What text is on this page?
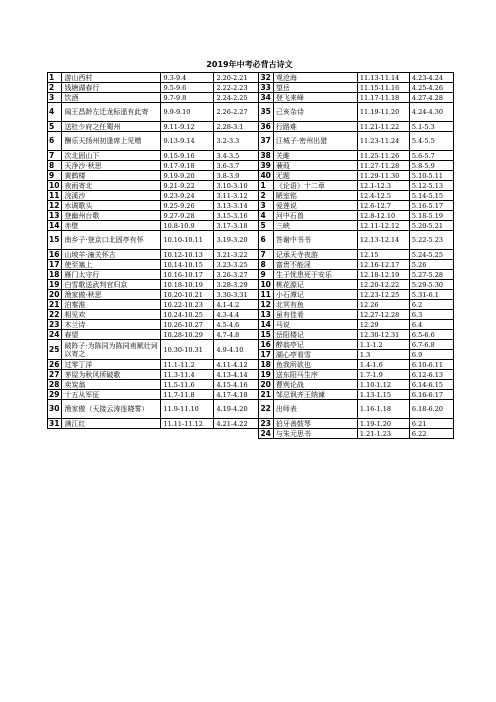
2019年中考必背古诗文
1	游山西村	9.3-9.4	2.20-2.21	32	观沧海	11.13-11.14	4.23-4.24
2	钱塘湖春行	9.5-9.6	2.22-2.23	33	望岳	11.15-11.16	4.25-4.26
3	饮酒	9.7-9.8	2.24-2.25	34	登飞来峰	11.17-11.18	4.27-4.28
4	闻王昌龄左迁龙标遥有此寄	9.9-9.10	2.26-2.27	35	己亥杂诗	11.19-11.20	4.24-4.30
5	送杜少府之任蜀州	9.11-9.12	2.28-3.1	36	行路难	11.21-11.22	5.1-5.3
6	酬乐天扬州初逢席上见赠	9.13-9.14	3.2-3.3	37	江城子·密州出猎	11.23-11.24	5.4-5.5
7	次北固山下	9.15-9.16	3.4-3.5	38	关雎	11.25-11.26	5.6-5.7
8	天净沙·秋思	9.17-9.18	3.6-3.7	39	蒹葭	11.27-11.28	5.8-5.9
9	黄鹤楼	9.19-9.20	3.8-3.9	40	无题	11.29-11.30	5.10-5.11
10	夜雨寄北	9.21-9.22	3.10-3.10	1	《论语》十二章	12.1-12.3	5.12-5.13
11	浣溪沙	9.23-9.24	3.11-3.12	2	陋室铭	12.4-12.5	5.14-5.15
12	水调歌头	9.25-9.26	3.13-3.14	3	爱莲说	12.6-12.7	5.16-5.17
13	登幽州台歌	9.27-9.28	3.15-3.16	4	河中石兽	12.8-12.10	5.18-5.19
14	赤壁	10.8-10.9	3.17-3.18	5	三峡	12.11-12.12	5.20-5.21
15	南乡子·登京口北固亭有怀	10.10-10.11	3.19-3.20	6	答谢中书书	12.13-12.14	5.22-5.23
16	山坡羊·潼关怀古	10.12-10.13	3.21-3.22	7	记承天寺夜游	12.15	5.24-5.25
17	使至塞上	10.14-10.15	3.23-3.25	8	富贵不能淫	12.16-12.17	5.26
18	雁门太守行	10.16-10.17	3.26-3.27	9	生于忧患死于安乐	12.18-12.19	5.27-5.28
19	白雪歌送武判官归京	10.18-10.19	3.28-3.29	10	桃花源记	12.20-12.22	5.29-5.30
20	渔家傲·秋思	10.20-10.21	3.30-3.31	11	小石潭记	12.23-12.25	5.31-6.1
21	泊秦淮	10.22-10.23	4.1-4.2	12	北冥有鱼	12.26	6.2
22	相见欢	10.24-10.25	4.3-4.4	13	虽有佳肴	12.27-12.28	6.3
23	木兰诗	10.26-10.27	4.5-4.6	14	马说	12.29	6.4
24	春望	10.28-10.29	4.7-4.8	15	岳阳楼记	12.30-12.31	6.5-6.6
25	破阵子·为陈同为陈同甫赋壮词以寄之	10.30-10.31	4.9-4.10	16	醉翁亭记	1.1-1.2	6.7-6.8
				17	湖心亭看雪	1.3	6.9
26	过零丁洋	11.1-11.2	4.11-4.12	18	鱼我所欲也	1.4-1.6	6.10-6.11
27	茅屋为秋风所破歌	11.3-11.4	4.13-4.14	19	送东阳马生序	1.7-1.9	6.12-6.13
28	卖炭翁	11.5-11.6	4.15-4.16	20	曹刿论战	1.10-1.12	6.14-6.15
29	十五从军征	11.7-11.8	4.17-4.18	21	邹忌讽齐王纳谏	1.13-1.15	6.16-6.17
30	渔家傲（天接云涛连晓雾）	11.9-11.10	4.19-4.20	22	出师表	1.16-1.18	6.18-6.20
31	满江红	11.11-11.12	4.21-4.22	23	伯牙善鼓琴	1.19-1.20	6.21
				24	与朱元思书	1.21-1.23	6.22
